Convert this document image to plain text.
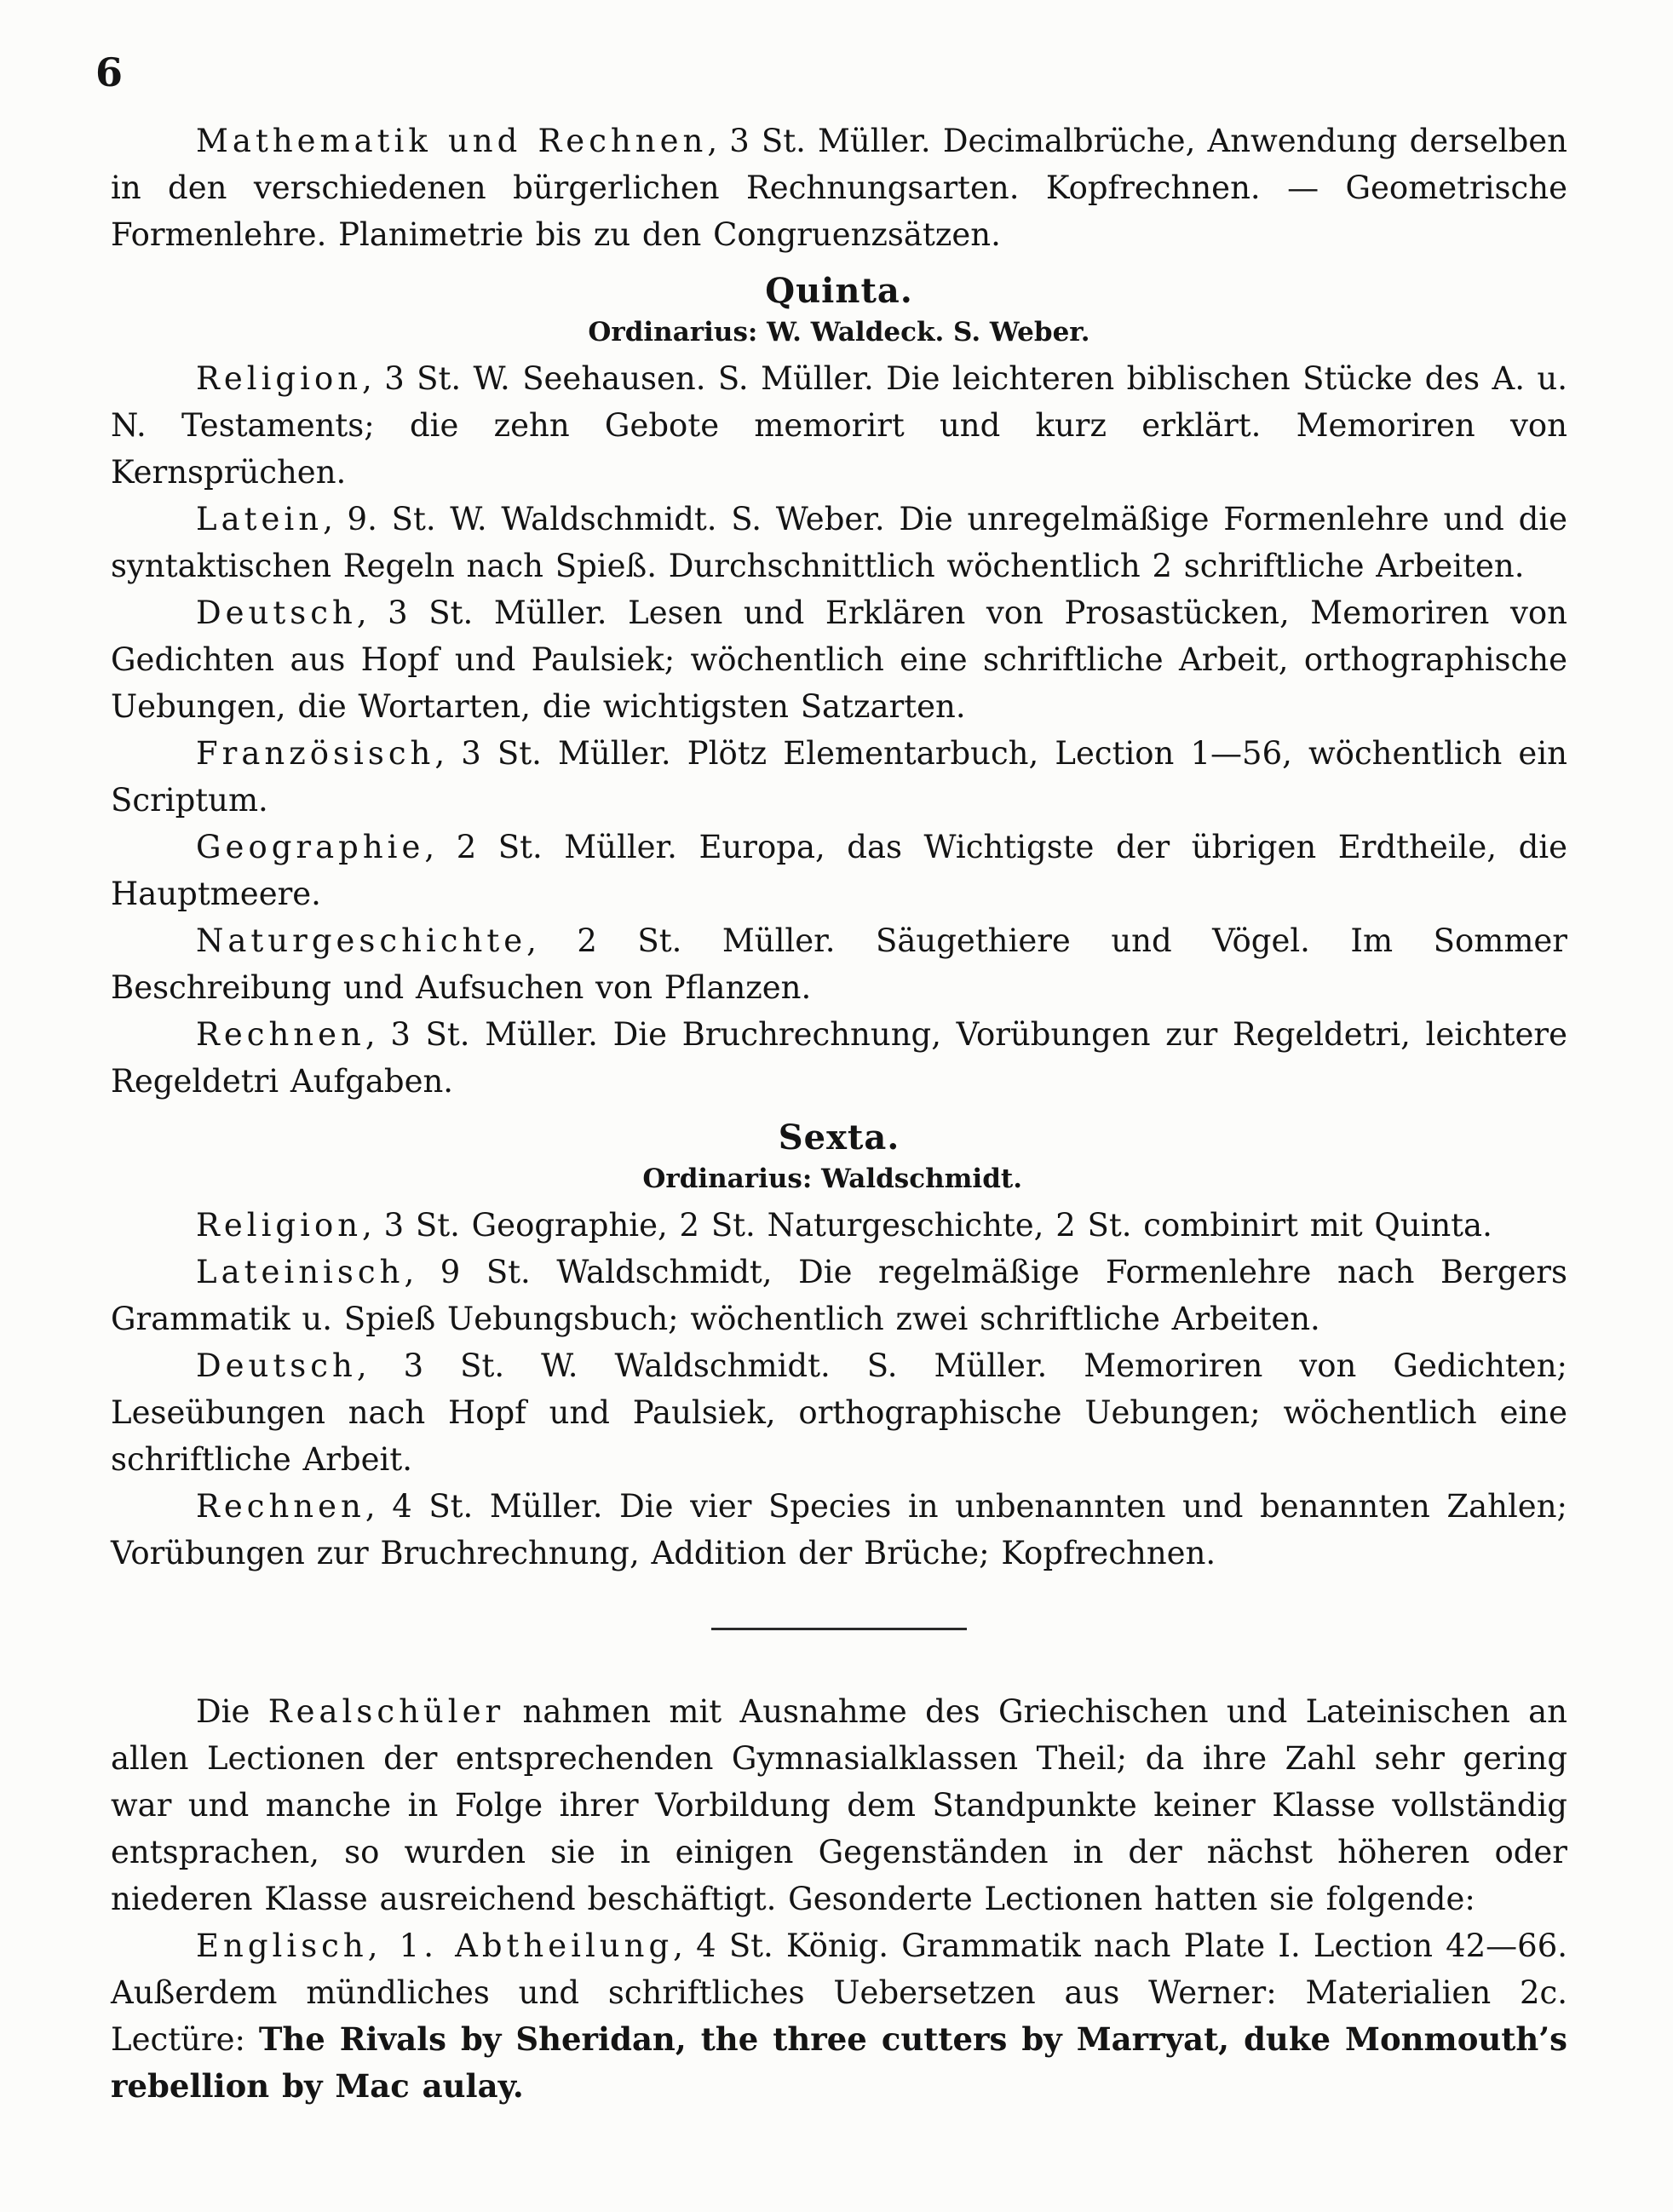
6

Mathematik und Rechnen, 3 St. Müller. Decimalbrüche, Anwendung derselben in den verschiedenen bürgerlichen Rechnungsarten. Kopfrechnen. — Geometrische Formenlehre. Planimetrie bis zu den Congruenzsätzen.

Quinta.
Ordinarius: W. Waldeck. S. Weber.

Religion, 3 St. W. Seehausen. S. Müller. Die leichteren biblischen Stücke des A. u. N. Testaments; die zehn Gebote memorirt und kurz erklärt. Memoriren von Kernsprüchen.

Latein, 9. St. W. Waldschmidt. S. Weber. Die unregelmäßige Formenlehre und die syntaktischen Regeln nach Spieß. Durchschnittlich wöchentlich 2 schriftliche Arbeiten.

Deutsch, 3 St. Müller. Lesen und Erklären von Prosastücken, Memoriren von Gedichten aus Hopf und Paulsiek; wöchentlich eine schriftliche Arbeit, orthographische Uebungen, die Wortarten, die wichtigsten Satzarten.

Französisch, 3 St. Müller. Plötz Elementarbuch, Lection 1—56, wöchentlich ein Scriptum.

Geographie, 2 St. Müller. Europa, das Wichtigste der übrigen Erdtheile, die Hauptmeere.

Naturgeschichte, 2 St. Müller. Säugethiere und Vögel. Im Sommer Beschreibung und Aufsuchen von Pflanzen.

Rechnen, 3 St. Müller. Die Bruchrechnung, Vorübungen zur Regeldetri, leichtere Regeldetri Aufgaben.

Sexta.
Ordinarius: Waldschmidt.

Religion, 3 St. Geographie, 2 St. Naturgeschichte, 2 St. combinirt mit Quinta.

Lateinisch, 9 St. Waldschmidt, Die regelmäßige Formenlehre nach Bergers Grammatik u. Spieß Uebungsbuch; wöchentlich zwei schriftliche Arbeiten.

Deutsch, 3 St. W. Waldschmidt. S. Müller. Memoriren von Gedichten; Leseübungen nach Hopf und Paulsiek, orthographische Uebungen; wöchentlich eine schriftliche Arbeit.

Rechnen, 4 St. Müller. Die vier Species in unbenannten und benannten Zahlen; Vorübungen zur Bruchrechnung, Addition der Brüche; Kopfrechnen.

Die Realschüler nahmen mit Ausnahme des Griechischen und Lateinischen an allen Lectionen der entsprechenden Gymnasialklassen Theil; da ihre Zahl sehr gering war und manche in Folge ihrer Vorbildung dem Standpunkte keiner Klasse vollständig entsprachen, so wurden sie in einigen Gegenständen in der nächst höheren oder niederen Klasse ausreichend beschäftigt. Gesonderte Lectionen hatten sie folgende:

Englisch, 1. Abtheilung, 4 St. König. Grammatik nach Plate I. Lection 42—66. Außerdem mündliches und schriftliches Uebersetzen aus Werner: Materialien 2c. Lectüre: The Rivals by Sheridan, the three cutters by Marryat, duke Monmouth’s rebellion by Mac aulay.
